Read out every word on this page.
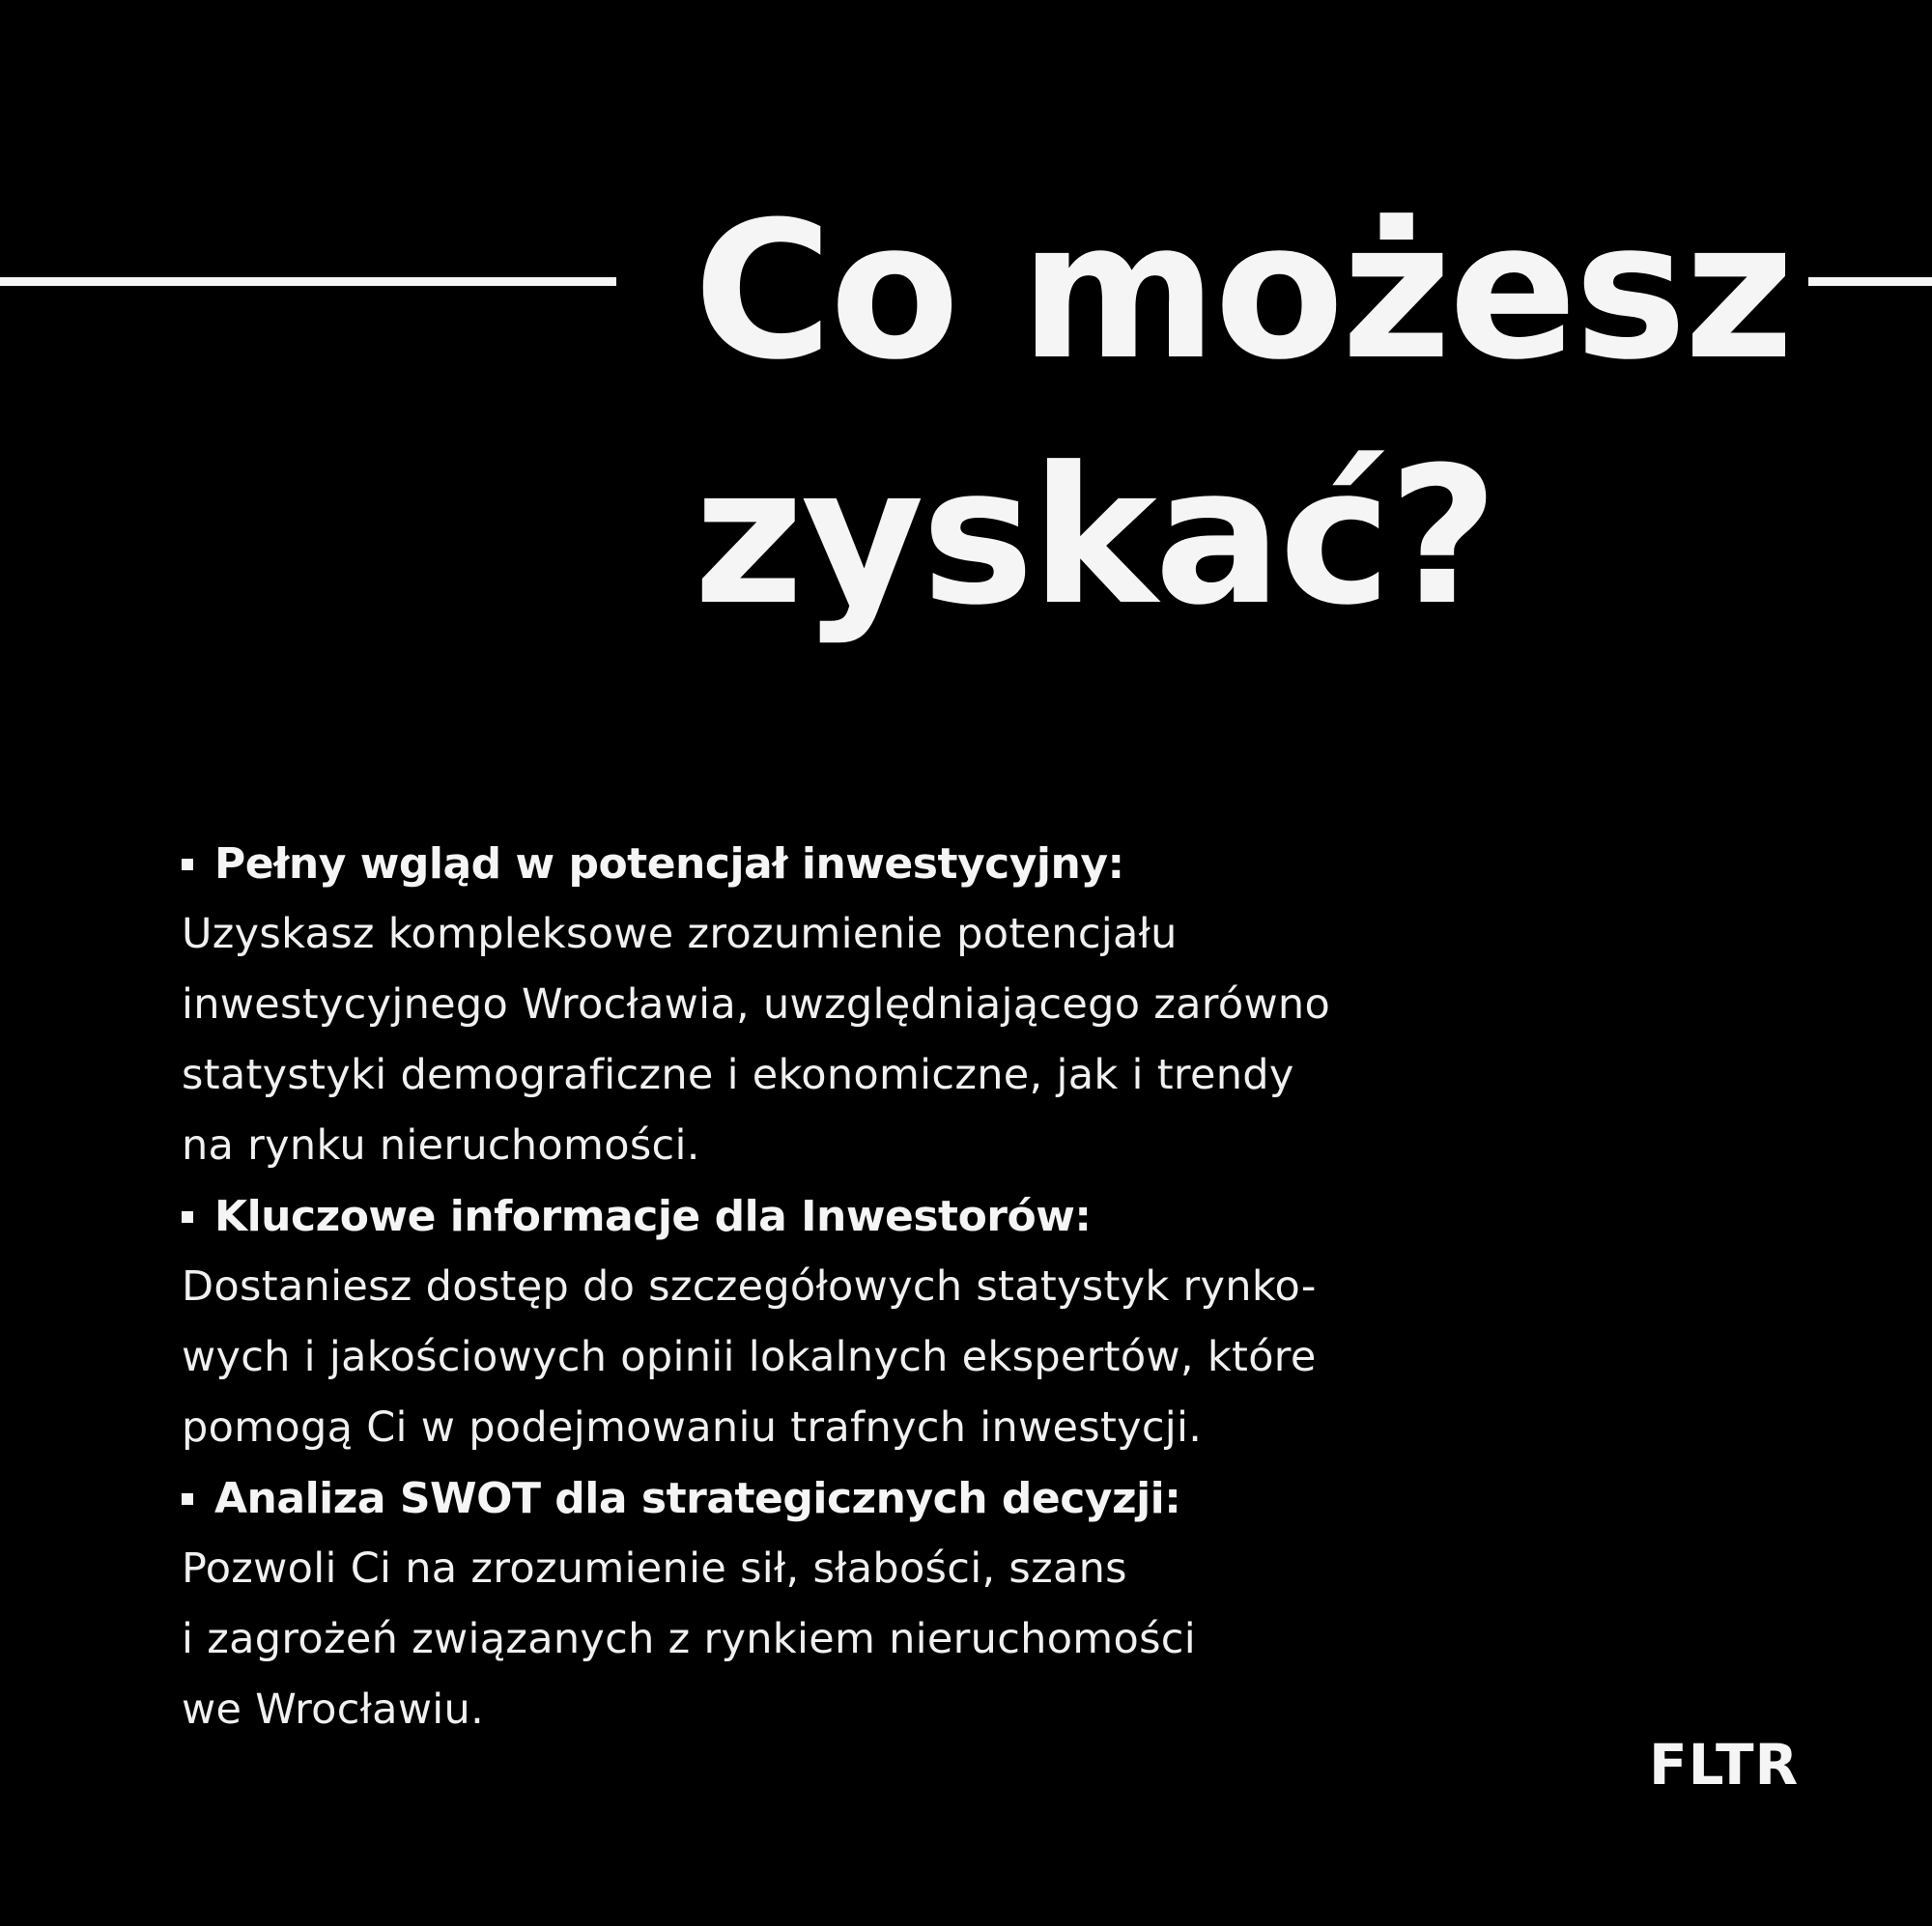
Co możesz
zyskać?
Pełny wgląd w potencjał inwestycyjny:
Uzyskasz kompleksowe zrozumienie potencjału
inwestycyjnego Wrocławia, uwzględniającego zarówno
statystyki demograficzne i ekonomiczne, jak i trendy
na rynku nieruchomości.
Kluczowe informacje dla Inwestorów:
Dostaniesz dostęp do szczegółowych statystyk rynko-
wych i jakościowych opinii lokalnych ekspertów, które
pomogą Ci w podejmowaniu trafnych inwestycji.
Analiza SWOT dla strategicznych decyzji:
Pozwoli Ci na zrozumienie sił, słabości, szans
i zagrożeń związanych z rynkiem nieruchomości
we Wrocławiu.
FLTR
